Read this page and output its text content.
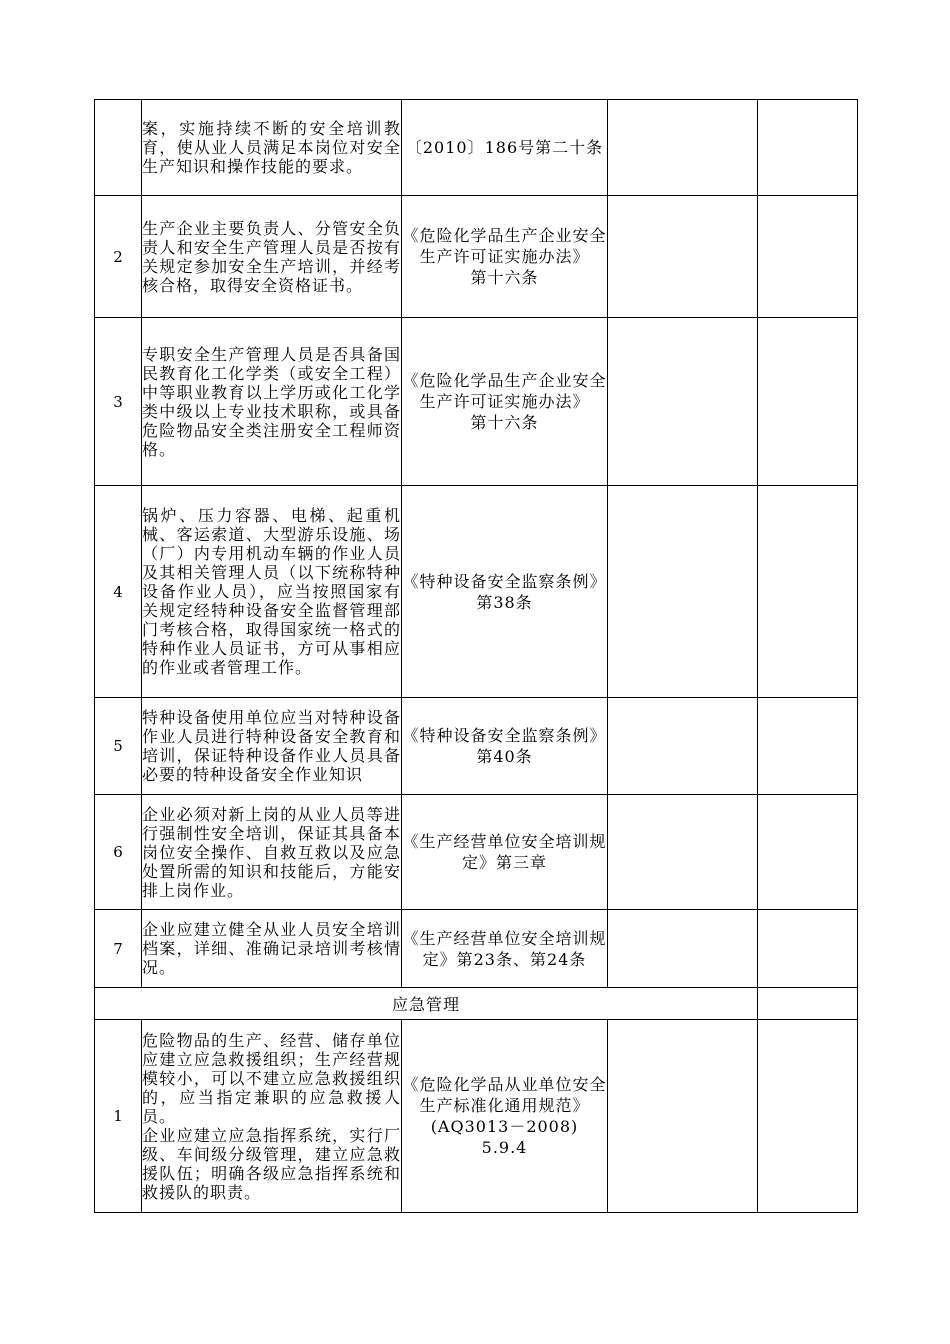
	案，实施持续不断的安全培训教育，使从业人员满足本岗位对安全生产知识和操作技能的要求。	〔2010〕186号第二十条		
2	生产企业主要负责人、分管安全负责人和安全生产管理人员是否按有关规定参加安全生产培训，并经考核合格，取得安全资格证书。	《危险化学品生产企业安全生产许可证实施办法》
第十六条		
3	专职安全生产管理人员是否具备国民教育化工化学类（或安全工程）中等职业教育以上学历或化工化学类中级以上专业技术职称，或具备危险物品安全类注册安全工程师资格。	《危险化学品生产企业安全生产许可证实施办法》
第十六条		
4	锅炉、压力容器、电梯、起重机械、客运索道、大型游乐设施、场（厂）内专用机动车辆的作业人员及其相关管理人员（以下统称特种设备作业人员），应当按照国家有关规定经特种设备安全监督管理部门考核合格，取得国家统一格式的特种作业人员证书，方可从事相应的作业或者管理工作。	《特种设备安全监察条例》第38条		
5	特种设备使用单位应当对特种设备作业人员进行特种设备安全教育和培训，保证特种设备作业人员具备必要的特种设备安全作业知识	《特种设备安全监察条例》第40条		
6	企业必须对新上岗的从业人员等进行强制性安全培训，保证其具备本岗位安全操作、自救互救以及应急处置所需的知识和技能后，方能安排上岗作业。	《生产经营单位安全培训规定》第三章		
7	企业应建立健全从业人员安全培训档案，详细、准确记录培训考核情况。	《生产经营单位安全培训规定》第23条、第24条		
应急管理				
1	危险物品的生产、经营、储存单位应建立应急救援组织；生产经营规模较小，可以不建立应急救援组织的，应当指定兼职的应急救援人员。
企业应建立应急指挥系统，实行厂级、车间级分级管理，建立应急救援队伍；明确各级应急指挥系统和救援队的职责。	《危险化学品从业单位安全生产标准化通用规范》(AQ3013－2008)
5.9.4		
